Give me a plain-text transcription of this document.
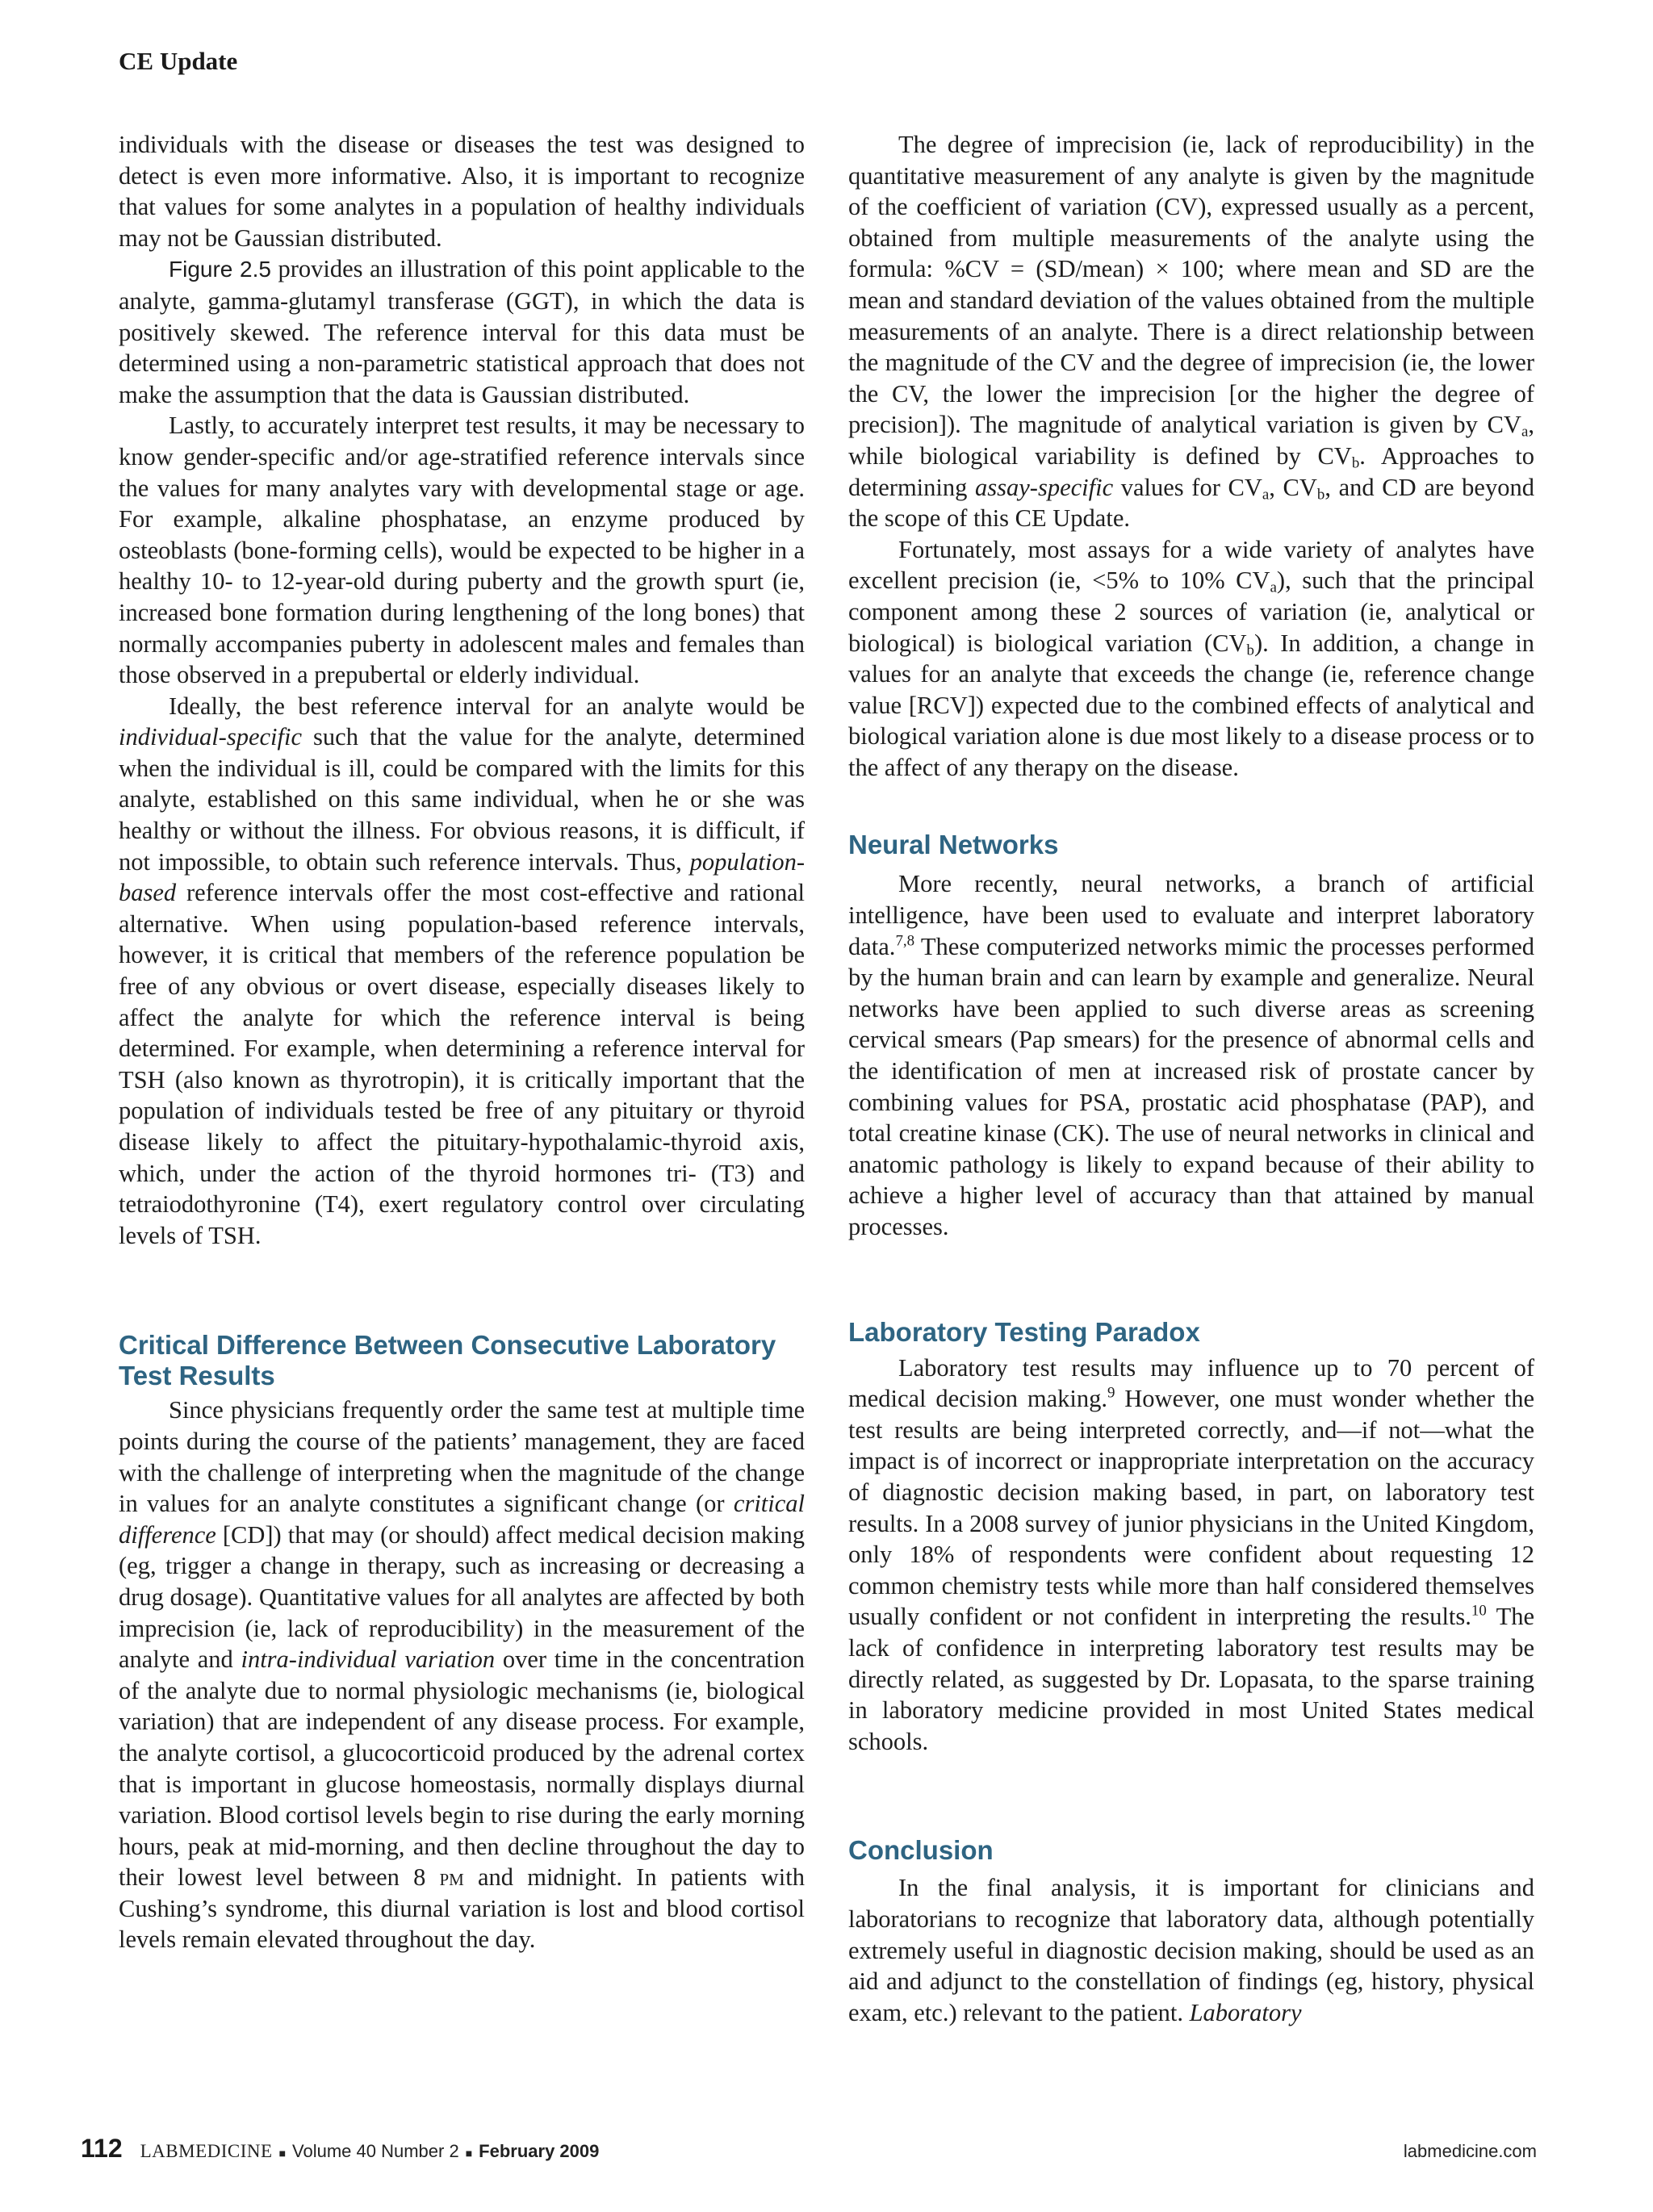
CE Update

individuals with the disease or diseases the test was designed to detect is even more informative. Also, it is important to recognize that values for some analytes in a population of healthy individuals may not be Gaussian distributed.

Figure 2.5 provides an illustration of this point applicable to the analyte, gamma-glutamyl transferase (GGT), in which the data is positively skewed. The reference interval for this data must be determined using a non-parametric statistical approach that does not make the assumption that the data is Gaussian distributed.

Lastly, to accurately interpret test results, it may be necessary to know gender-specific and/or age-stratified reference intervals since the values for many analytes vary with developmental stage or age. For example, alkaline phosphatase, an enzyme produced by osteoblasts (bone-forming cells), would be expected to be higher in a healthy 10- to 12-year-old during puberty and the growth spurt (ie, increased bone formation during lengthening of the long bones) that normally accompanies puberty in adolescent males and females than those observed in a prepubertal or elderly individual.

Ideally, the best reference interval for an analyte would be individual-specific such that the value for the analyte, determined when the individual is ill, could be compared with the limits for this analyte, established on this same individual, when he or she was healthy or without the illness. For obvious reasons, it is difficult, if not impossible, to obtain such reference intervals. Thus, population-based reference intervals offer the most cost-effective and rational alternative. When using population-based reference intervals, however, it is critical that members of the reference population be free of any obvious or overt disease, especially diseases likely to affect the analyte for which the reference interval is being determined. For example, when determining a reference interval for TSH (also known as thyrotropin), it is critically important that the population of individuals tested be free of any pituitary or thyroid disease likely to affect the pituitary-hypothalamic-thyroid axis, which, under the action of the thyroid hormones tri- (T3) and tetraiodothyronine (T4), exert regulatory control over circulating levels of TSH.

Critical Difference Between Consecutive Laboratory Test Results

Since physicians frequently order the same test at multiple time points during the course of the patients’ management, they are faced with the challenge of interpreting when the magnitude of the change in values for an analyte constitutes a significant change (or critical difference [CD]) that may (or should) affect medical decision making (eg, trigger a change in therapy, such as increasing or decreasing a drug dosage). Quantitative values for all analytes are affected by both imprecision (ie, lack of reproducibility) in the measurement of the analyte and intra-individual variation over time in the concentration of the analyte due to normal physiologic mechanisms (ie, biological variation) that are independent of any disease process. For example, the analyte cortisol, a glucocorticoid produced by the adrenal cortex that is important in glucose homeostasis, normally displays diurnal variation. Blood cortisol levels begin to rise during the early morning hours, peak at mid-morning, and then decline throughout the day to their lowest level between 8 pm and midnight. In patients with Cushing’s syndrome, this diurnal variation is lost and blood cortisol levels remain elevated throughout the day.

The degree of imprecision (ie, lack of reproducibility) in the quantitative measurement of any analyte is given by the magnitude of the coefficient of variation (CV), expressed usually as a percent, obtained from multiple measurements of the analyte using the formula: %CV = (SD/mean) × 100; where mean and SD are the mean and standard deviation of the values obtained from the multiple measurements of an analyte. There is a direct relationship between the magnitude of the CV and the degree of imprecision (ie, the lower the CV, the lower the imprecision [or the higher the degree of precision]). The magnitude of analytical variation is given by $CV_a$, while biological variability is defined by $CV_b$. Approaches to determining assay-specific values for $CV_a$, $CV_b$, and CD are beyond the scope of this CE Update.

Fortunately, most assays for a wide variety of analytes have excellent precision (ie, <5% to 10% $CV_a$), such that the principal component among these 2 sources of variation (ie, analytical or biological) is biological variation $(CV_b)$. In addition, a change in values for an analyte that exceeds the change (ie, reference change value [RCV]) expected due to the combined effects of analytical and biological variation alone is due most likely to a disease process or to the affect of any therapy on the disease.

Neural Networks

More recently, neural networks, a branch of artificial intelligence, have been used to evaluate and interpret laboratory data.$^{7,8}$ These computerized networks mimic the processes performed by the human brain and can learn by example and generalize. Neural networks have been applied to such diverse areas as screening cervical smears (Pap smears) for the presence of abnormal cells and the identification of men at increased risk of prostate cancer by combining values for PSA, prostatic acid phosphatase (PAP), and total creatine kinase (CK). The use of neural networks in clinical and anatomic pathology is likely to expand because of their ability to achieve a higher level of accuracy than that attained by manual processes.

Laboratory Testing Paradox

Laboratory test results may influence up to 70 percent of medical decision making.$^9$ However, one must wonder whether the test results are being interpreted correctly, and—if not—what the impact is of incorrect or inappropriate interpretation on the accuracy of diagnostic decision making based, in part, on laboratory test results. In a 2008 survey of junior physicians in the United Kingdom, only 18% of respondents were confident about requesting 12 common chemistry tests while more than half considered themselves usually confident or not confident in interpreting the results.$^{10}$ The lack of confidence in interpreting laboratory test results may be directly related, as suggested by Dr. Lopasata, to the sparse training in laboratory medicine provided in most United States medical schools.

Conclusion

In the final analysis, it is important for clinicians and laboratorians to recognize that laboratory data, although potentially extremely useful in diagnostic decision making, should be used as an aid and adjunct to the constellation of findings (eg, history, physical exam, etc.) relevant to the patient. Laboratory

112 LABMEDICINE ■ Volume 40 Number 2 ■ February 2009	labmedicine.com
